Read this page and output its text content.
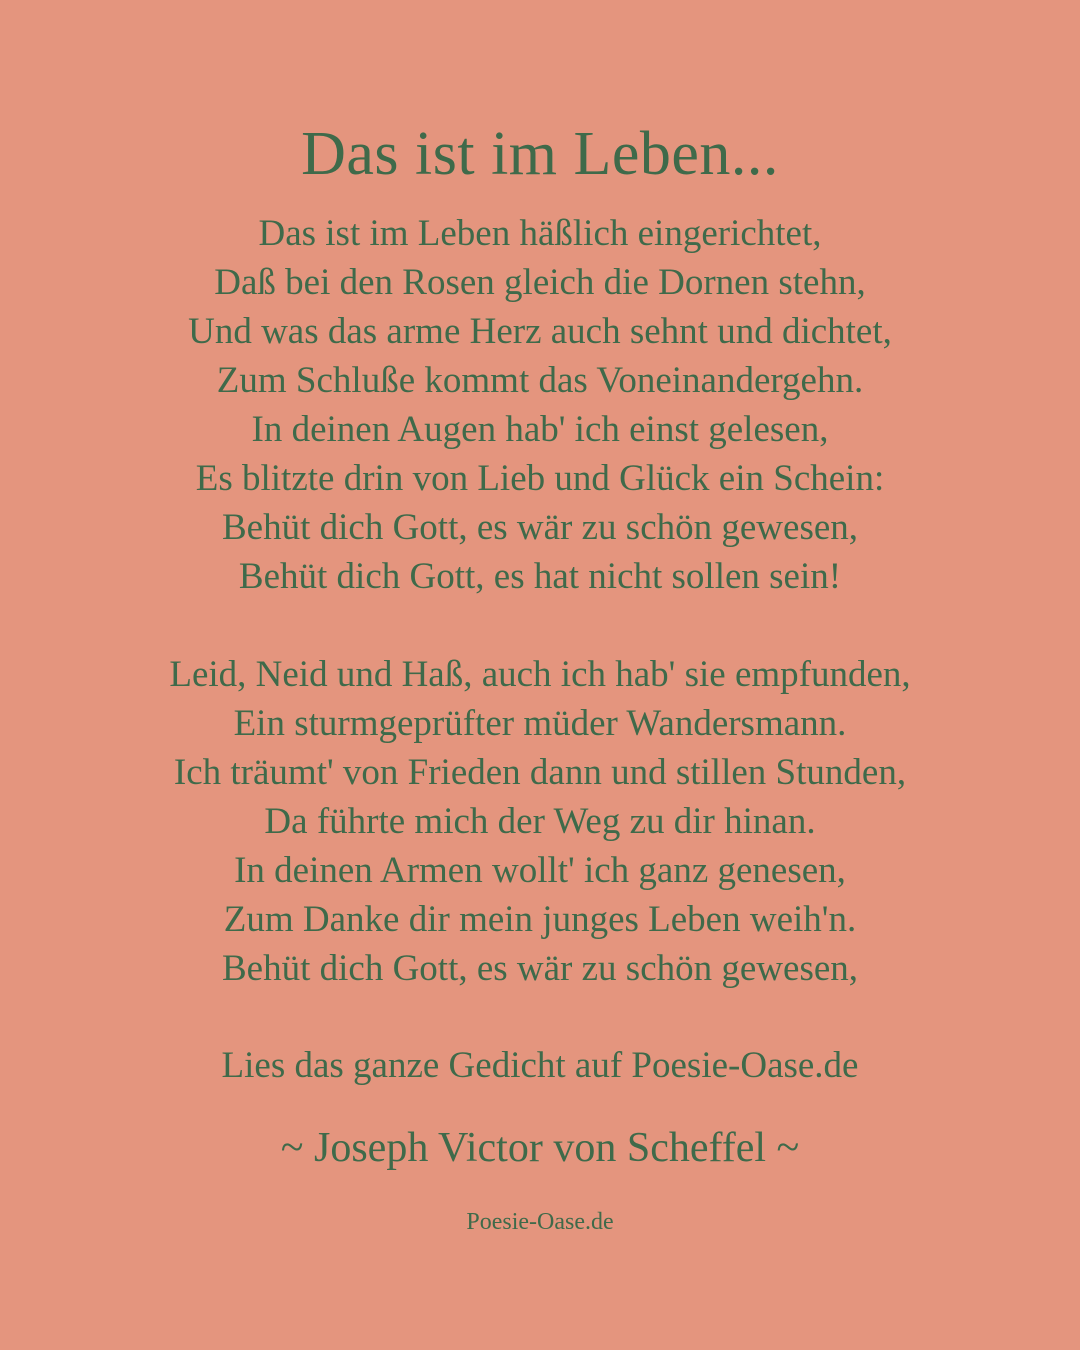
Das ist im Leben...

Das ist im Leben häßlich eingerichtet,
Daß bei den Rosen gleich die Dornen stehn,
Und was das arme Herz auch sehnt und dichtet,
Zum Schlußе kommt das Voneinandergehn.
In deinen Augen hab' ich einst gelesen,
Es blitzte drin von Lieb und Glück ein Schein:
Behüt dich Gott, es wär zu schön gewesen,
Behüt dich Gott, es hat nicht sollen sein!

Leid, Neid und Haß, auch ich hab' sie empfunden,
Ein sturmgeprüfter müder Wandersmann.
Ich träumt' von Frieden dann und stillen Stunden,
Da führte mich der Weg zu dir hinan.
In deinen Armen wollt' ich ganz genesen,
Zum Danke dir mein junges Leben weih'n.
Behüt dich Gott, es wär zu schön gewesen,

Lies das ganze Gedicht auf Poesie-Oase.de

~ Joseph Victor von Scheffel ~

Poesie-Oase.de
